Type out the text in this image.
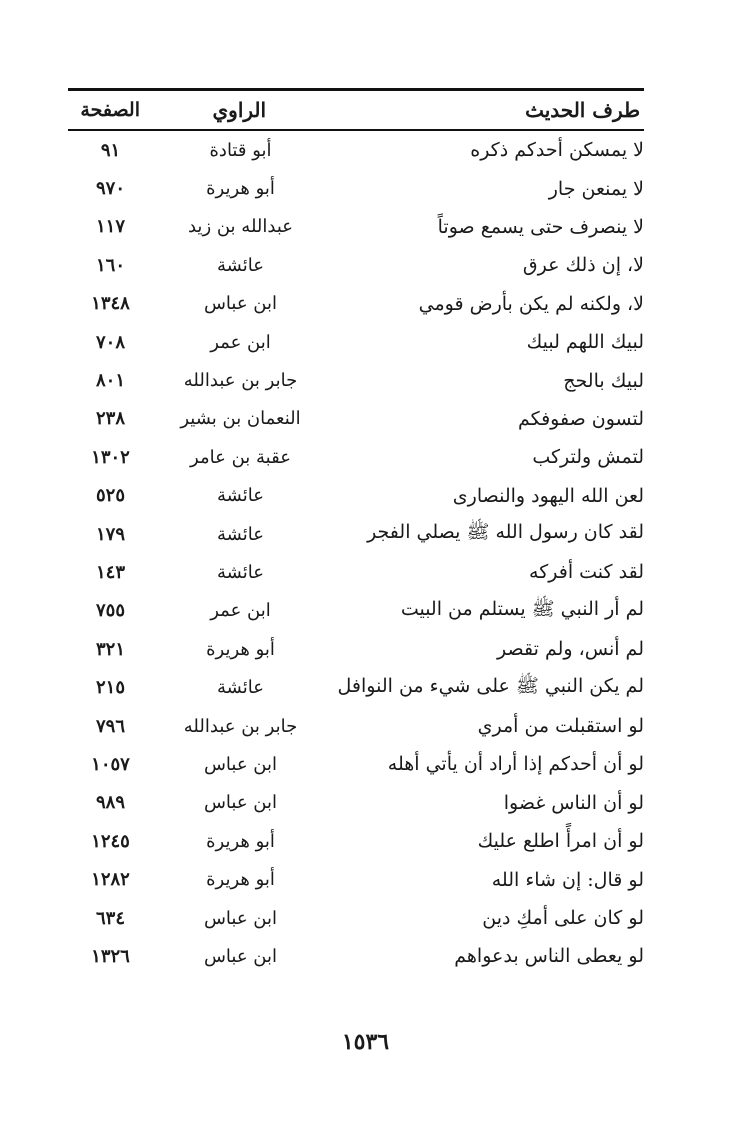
طرف الحديث
الراوي
الصفحة
لا يمسكن أحدكم ذكره
أبو قتادة
٩١
لا يمنعن جار
أبو هريرة
٩٧٠
لا ينصرف حتى يسمع صوتاً
عبدالله بن زيد
١١٧
لا، إن ذلك عرق
عائشة
١٦٠
لا، ولكنه لم يكن بأرض قومي
ابن عباس
١٣٤٨
لبيك اللهم لبيك
ابن عمر
٧٠٨
لبيك بالحج
جابر بن عبدالله
٨٠١
لتسون صفوفكم
النعمان بن بشير
٢٣٨
لتمش ولتركب
عقبة بن عامر
١٣٠٢
لعن الله اليهود والنصارى
عائشة
٥٢٥
لقد كان رسول الله ﷺ يصلي الفجر
عائشة
١٧٩
لقد كنت أفركه
عائشة
١٤٣
لم أر النبي ﷺ يستلم من البيت
ابن عمر
٧٥٥
لم أنس، ولم تقصر
أبو هريرة
٣٢١
لم يكن النبي ﷺ على شيء من النوافل
عائشة
٢١٥
لو استقبلت من أمري
جابر بن عبدالله
٧٩٦
لو أن أحدكم إذا أراد أن يأتي أهله
ابن عباس
١٠٥٧
لو أن الناس غضوا
ابن عباس
٩٨٩
لو أن امرأً اطلع عليك
أبو هريرة
١٢٤٥
لو قال: إن شاء الله
أبو هريرة
١٢٨٢
لو كان على أمكِ دين
ابن عباس
٦٣٤
لو يعطى الناس بدعواهم
ابن عباس
١٣٢٦
١٥٣٦
